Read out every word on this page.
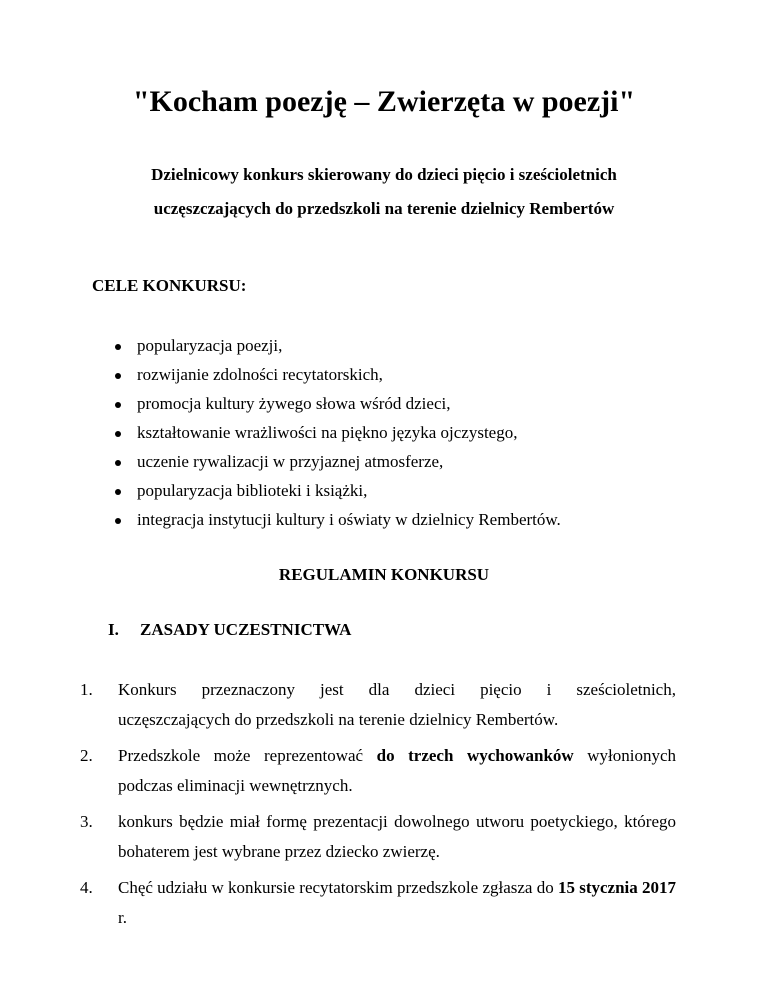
"Kocham poezję – Zwierzęta w poezji"
Dzielnicowy konkurs skierowany do dzieci pięcio i sześcioletnich
uczęszczających do przedszkoli na terenie dzielnicy Rembertów
CELE KONKURSU:
popularyzacja poezji,
rozwijanie zdolności recytatorskich,
promocja kultury żywego słowa wśród dzieci,
kształtowanie wrażliwości na piękno języka ojczystego,
uczenie rywalizacji w przyjaznej atmosferze,
popularyzacja biblioteki i książki,
integracja instytucji kultury i oświaty w dzielnicy Rembertów.
REGULAMIN KONKURSU
I. ZASADY UCZESTNICTWA
1. Konkurs przeznaczony jest dla dzieci pięcio i sześcioletnich,
uczęszczających do przedszkoli na terenie dzielnicy Rembertów.
2. Przedszkole może reprezentować do trzech wychowanków wyłonionych podczas eliminacji wewnętrznych.
3. konkurs będzie miał formę prezentacji dowolnego utworu poetyckiego, którego bohaterem jest wybrane przez dziecko zwierzę.
4. Chęć udziału w konkursie recytatorskim przedszkole zgłasza do 15 stycznia 2017 r.
